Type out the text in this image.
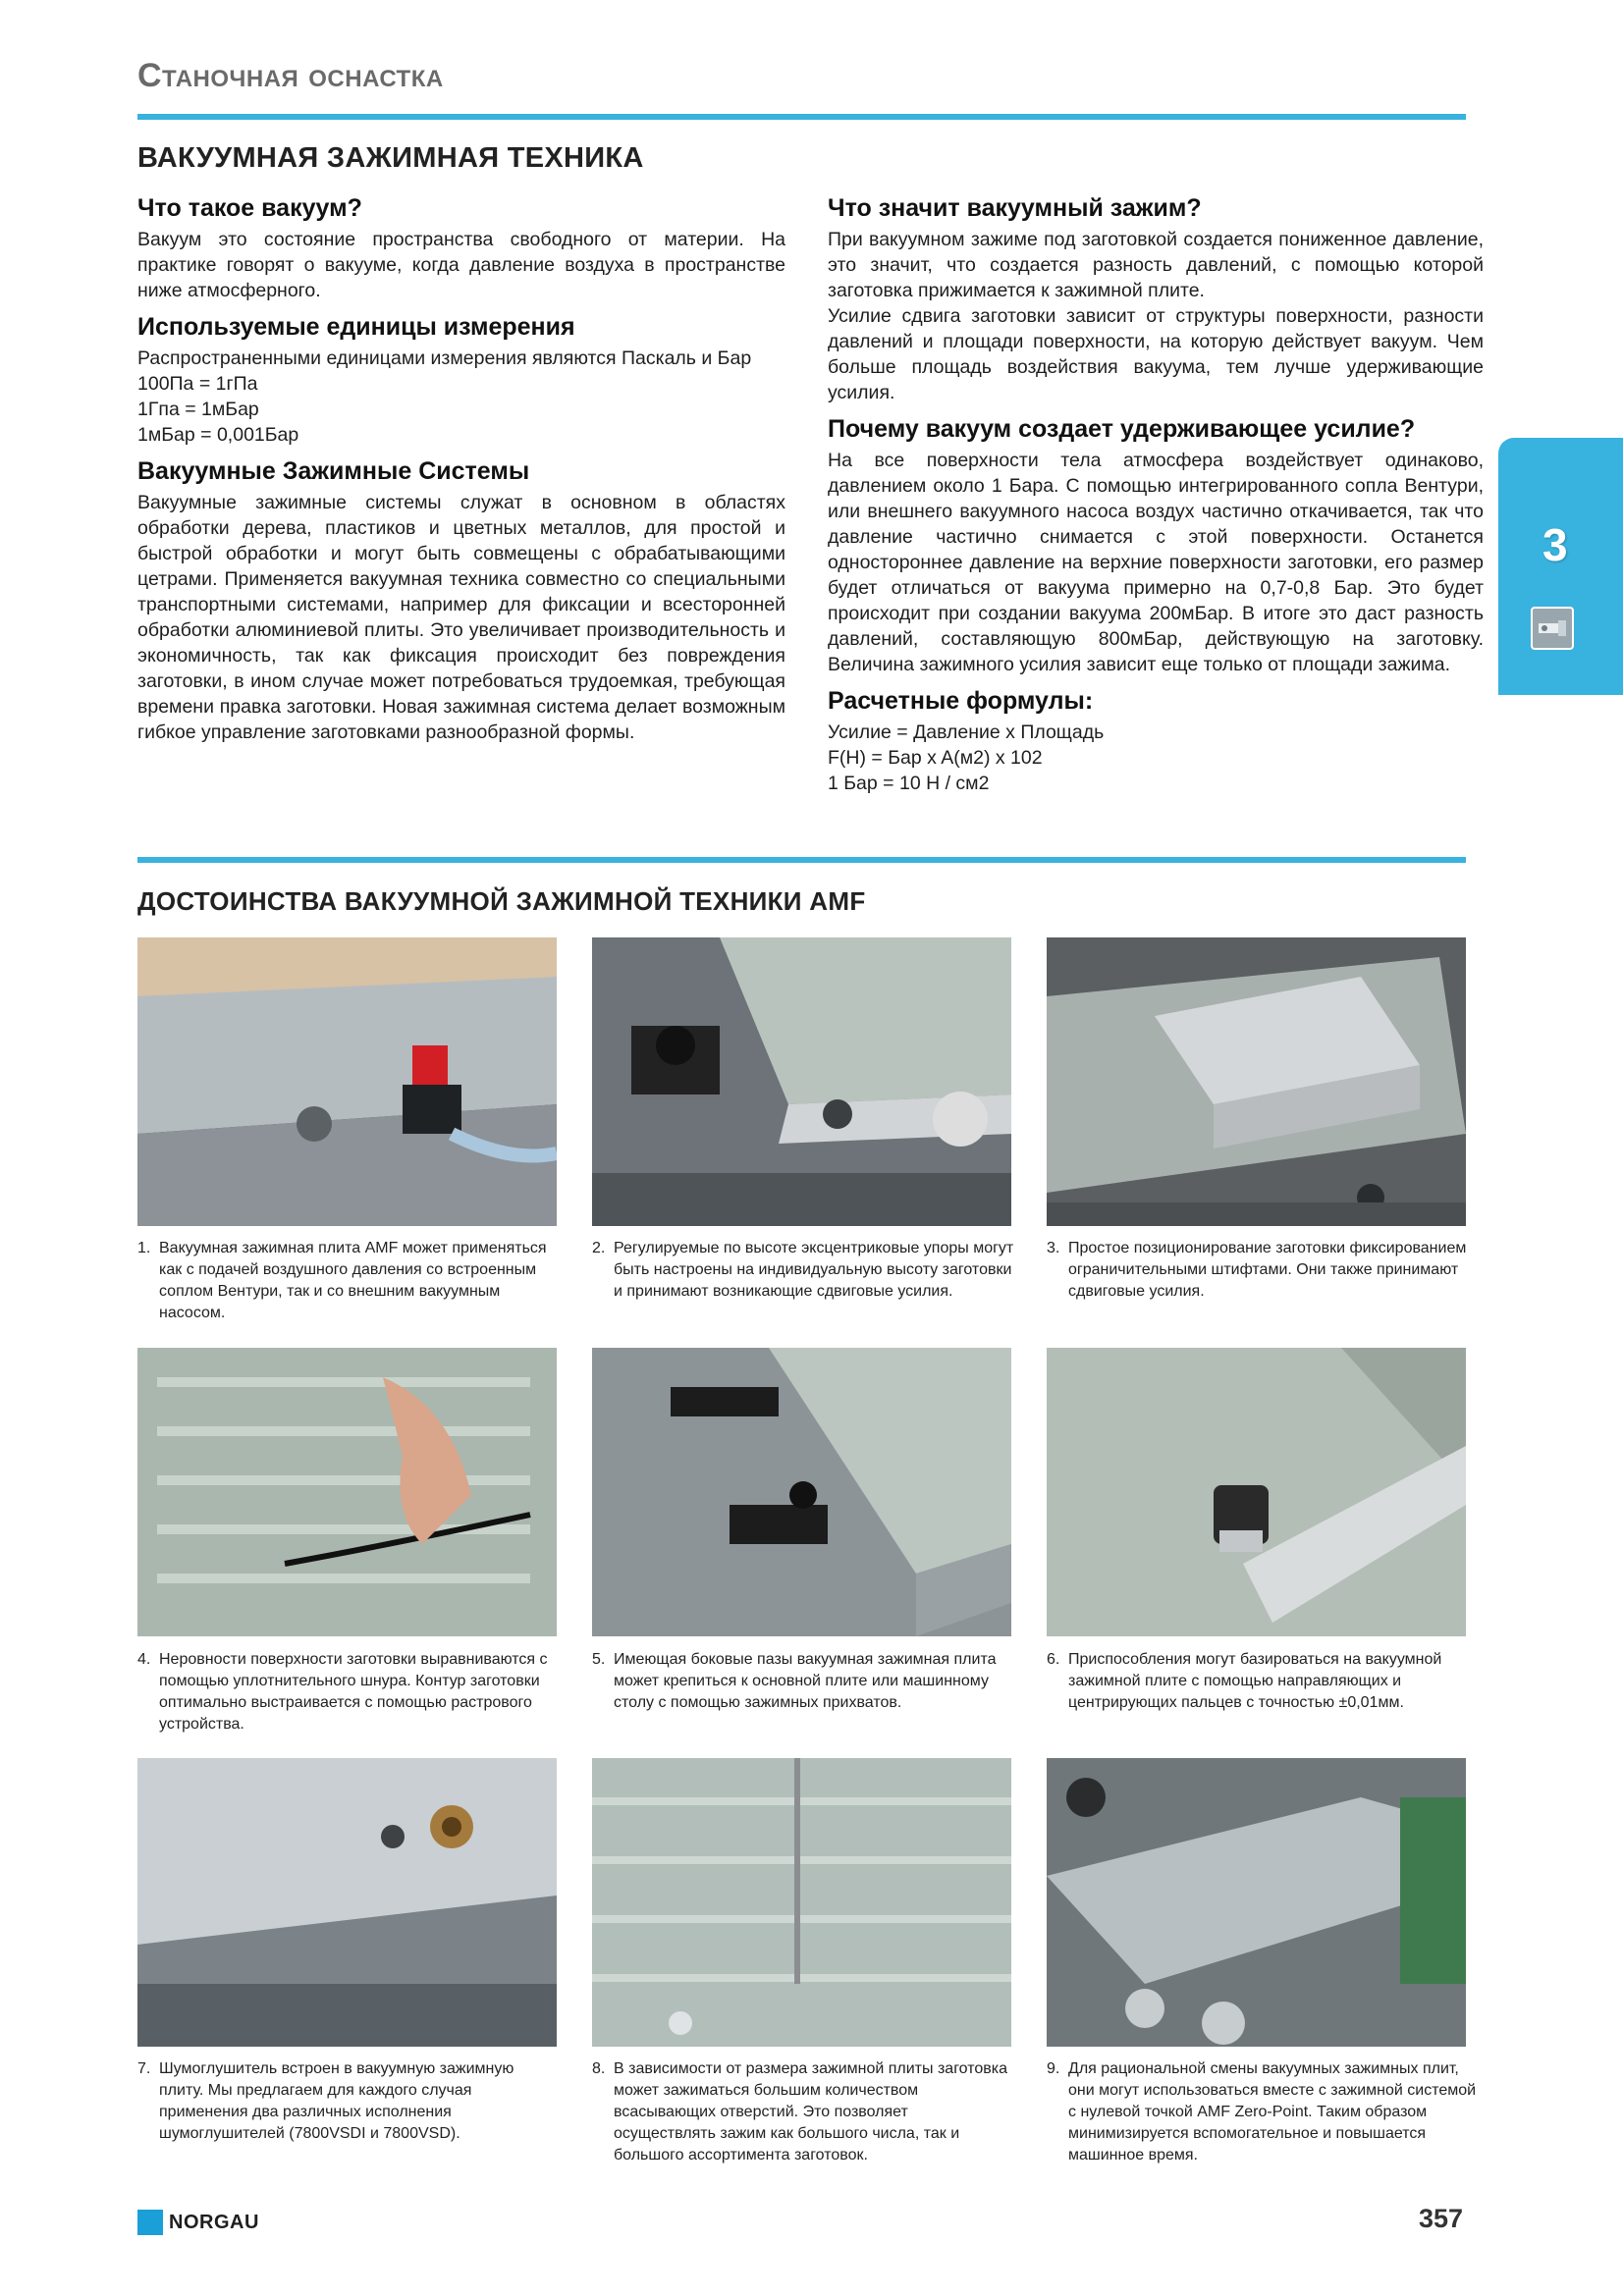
Станочная оснастка
ВАКУУМНАЯ ЗАЖИМНАЯ ТЕХНИКА
Что такое вакуум?

Вакуум это состояние пространства свободного от материи. На практике говорят о вакууме, когда давление воздуха в пространстве ниже атмосферного.

Используемые единицы измерения

Распространенными единицами измерения являются Паскаль и Бар

100Па = 1гПа

1Гпа = 1мБар

1мБар = 0,001Бар

Вакуумные Зажимные Системы

Вакуумные зажимные системы служат в основном в областях обработки дерева, пластиков и цветных металлов, для простой и быстрой обработки и могут быть совмещены с обрабатывающими цетрами. Применяется вакуумная техника совместно со специальными транспортными системами, например для фиксации и всесторонней обработки алюминиевой плиты. Это увеличивает производительность и экономичность, так как фиксация происходит без повреждения заготовки, в ином случае может потребоваться трудоемкая, требующая времени правка заготовки. Новая зажимная система делает возможным гибкое управление заготовками разнообразной формы.

Что значит вакуумный зажим?

При вакуумном зажиме под заготовкой создается пониженное давление, это значит, что создается разность давлений, с помощью которой заготовка прижимается к зажимной плите.

Усилие сдвига заготовки зависит от структуры поверхности, разности давлений и площади поверхности, на которую действует вакуум. Чем больше площадь воздействия вакуума, тем лучше удерживающие усилия.

Почему вакуум создает удерживающее усилие?

На все поверхности тела атмосфера воздействует одинаково, давлением около 1 Бара. С помощью интегрированного сопла Вентури, или внешнего вакуумного насоса воздух частично откачивается, так что давление частично снимается с этой поверхности. Останется одностороннее давление на верхние поверхности заготовки, его размер будет отличаться от вакуума примерно на 0,7-0,8 Бар. Это будет происходит при создании вакуума 200мБар. В итоге это даст разность давлений, составляющую 800мБар, действующую на заготовку. Величина зажимного усилия зависит еще только от площади зажима.

Расчетные формулы:

Усилие = Давление x Площадь

F(H) = Бар x A(м2) x 102

1 Бар = 10 Н / см2

3
ДОСТОИНСТВА ВАКУУМНОЙ ЗАЖИМНОЙ ТЕХНИКИ AMF
1. Вакуумная зажимная плита AMF может применяться как с подачей воздушного давления со встроенным соплом Вентури, так и со внешним вакуумным насосом.
2. Регулируемые по высоте эксцентриковые упоры могут быть настроены на индивидуальную высоту заготовки и принимают возникающие сдвиговые усилия.
3. Простое позиционирование заготовки фиксированием ограничительными штифтами. Они также принимают сдвиговые усилия.
4. Неровности поверхности заготовки выравниваются с помощью уплотнительного шнура. Контур заготовки оптимально выстраивается с помощью растрового устройства.
5. Имеющая боковые пазы вакуумная зажимная плита может крепиться к основной плите или машинному столу с помощью зажимных прихватов.
6. Приспособления могут базироваться на вакуумной зажимной плите с помощью направляющих и центрирующих пальцев с точностью ±0,01мм.
7. Шумоглушитель встроен в вакуумную зажимную плиту. Мы предлагаем для каждого случая применения два различных исполнения шумоглушителей (7800VSDI и 7800VSD).
8. В зависимости от размера зажимной плиты заготовка может зажиматься большим количеством всасывающих отверстий. Это позволяет осуществлять зажим как большого числа, так и большого ассортимента заготовок.
9. Для рациональной смены вакуумных зажимных плит, они могут использоваться вместе с зажимной системой с нулевой точкой AMF Zero-Point. Таким образом минимизируется вспомогательное и повышается машинное время.
NORGAU	357
